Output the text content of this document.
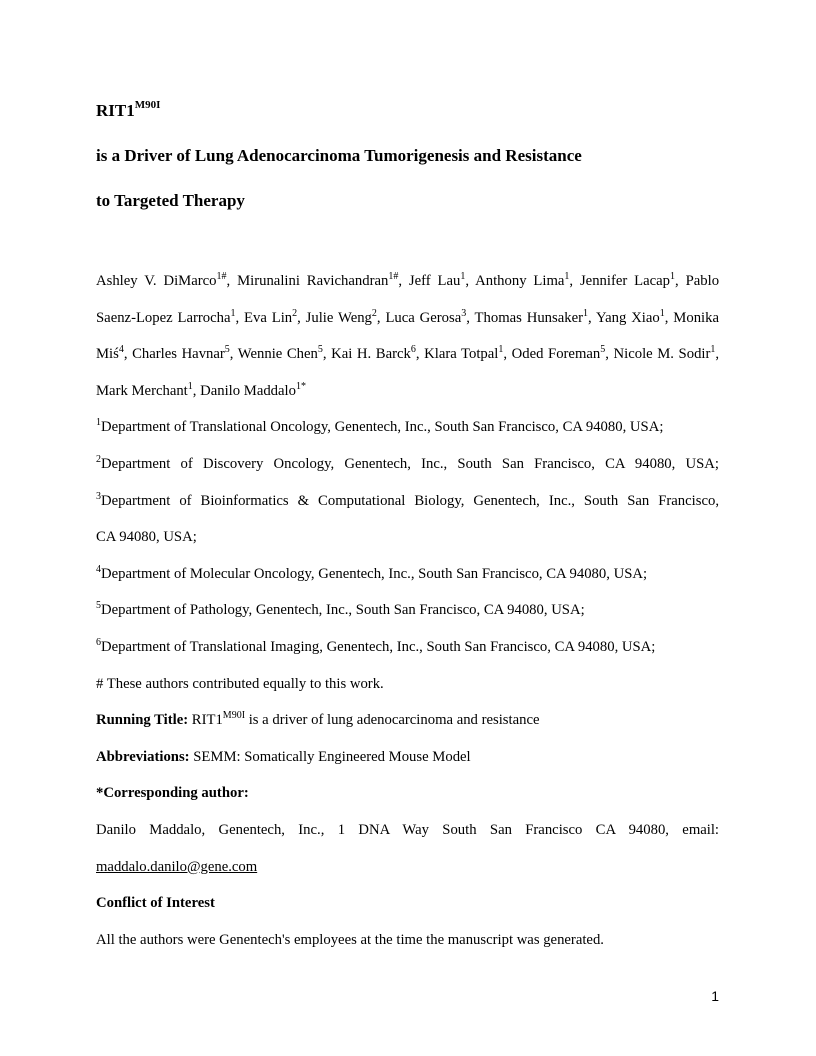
$RIT1^{M90I}$
is a Driver of Lung Adenocarcinoma Tumorigenesis and Resistance
to Targeted Therapy

Ashley V. DiMarco$^{1\#}$, Mirunalini Ravichandran$^{1\#}$, Jeff Lau$^1$, Anthony Lima$^1$, Jennifer Lacap$^1$, Pablo Saenz-Lopez Larrocha$^1$, Eva Lin$^2$, Julie Weng$^2$, Luca Gerosa$^3$, Thomas Hunsaker$^1$, Yang Xiao$^1$, Monika Miś$^4$, Charles Havnar$^5$, Wennie Chen$^5$, Kai H. Barck$^6$, Klara Totpal$^1$, Oded Foreman$^5$, Nicole M. Sodir$^1$, Mark Merchant$^1$, Danilo Maddalo$^{1*}$

$^1$Department of Translational Oncology, Genentech, Inc., South San Francisco, CA 94080, USA;

$^2$Department of Discovery Oncology, Genentech, Inc., South San Francisco, CA 94080, USA;

$^3$Department of Bioinformatics & Computational Biology, Genentech, Inc., South San Francisco,
CA 94080, USA;

$^4$Department of Molecular Oncology, Genentech, Inc., South San Francisco, CA 94080, USA;

$^5$Department of Pathology, Genentech, Inc., South San Francisco, CA 94080, USA;

$^6$Department of Translational Imaging, Genentech, Inc., South San Francisco, CA 94080, USA;

# These authors contributed equally to this work.

Running Title: $RIT1^{M90I}$ is a driver of lung adenocarcinoma and resistance

Abbreviations: SEMM: Somatically Engineered Mouse Model

*Corresponding author:

Danilo Maddalo, Genentech, Inc., 1 DNA Way South San Francisco CA 94080, email:
maddalo.danilo@gene.com

Conflict of Interest

All the authors were Genentech's employees at the time the manuscript was generated.

1
